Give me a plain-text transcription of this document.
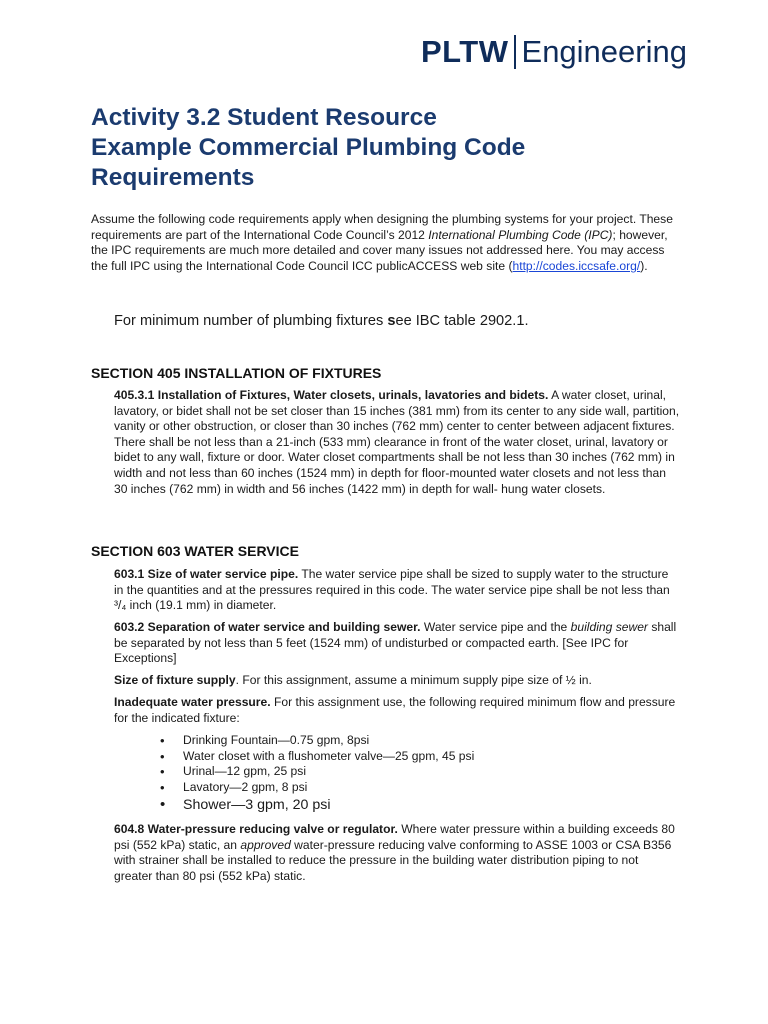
PLTW Engineering
Activity 3.2 Student Resource
Example Commercial Plumbing Code
Requirements
Assume the following code requirements apply when designing the plumbing systems for your project. These requirements are part of the International Code Council’s 2012 International Plumbing Code (IPC); however, the IPC requirements are much more detailed and cover many issues not addressed here. You may access the full IPC using the International Code Council ICC publicACCESS web site (http://codes.iccsafe.org/).
For minimum number of plumbing fixtures see IBC table 2902.1.
SECTION 405 INSTALLATION OF FIXTURES
405.3.1 Installation of Fixtures, Water closets, urinals, lavatories and bidets. A water closet, urinal, lavatory, or bidet shall not be set closer than 15 inches (381 mm) from its center to any side wall, partition, vanity or other obstruction, or closer than 30 inches (762 mm) center to center between adjacent fixtures. There shall be not less than a 21-inch (533 mm) clearance in front of the water closet, urinal, lavatory or bidet to any wall, fixture or door. Water closet compartments shall be not less than 30 inches (762 mm) in width and not less than 60 inches (1524 mm) in depth for floor-mounted water closets and not less than 30 inches (762 mm) in width and 56 inches (1422 mm) in depth for wall- hung water closets.
SECTION 603 WATER SERVICE
603.1 Size of water service pipe. The water service pipe shall be sized to supply water to the structure in the quantities and at the pressures required in this code. The water service pipe shall be not less than ³/₄ inch (19.1 mm) in diameter.
603.2 Separation of water service and building sewer. Water service pipe and the building sewer shall be separated by not less than 5 feet (1524 mm) of undisturbed or compacted earth. [See IPC for Exceptions]
Size of fixture supply. For this assignment, assume a minimum supply pipe size of ½ in.
Inadequate water pressure. For this assignment use, the following required minimum flow and pressure for the indicated fixture:
• Drinking Fountain—0.75 gpm, 8psi
• Water closet with a flushometer valve—25 gpm, 45 psi
• Urinal—12 gpm, 25 psi
• Lavatory—2 gpm, 8 psi
• Shower—3 gpm, 20 psi
604.8 Water-pressure reducing valve or regulator. Where water pressure within a building exceeds 80 psi (552 kPa) static, an approved water-pressure reducing valve conforming to ASSE 1003 or CSA B356 with strainer shall be installed to reduce the pressure in the building water distribution piping to not greater than 80 psi (552 kPa) static.
